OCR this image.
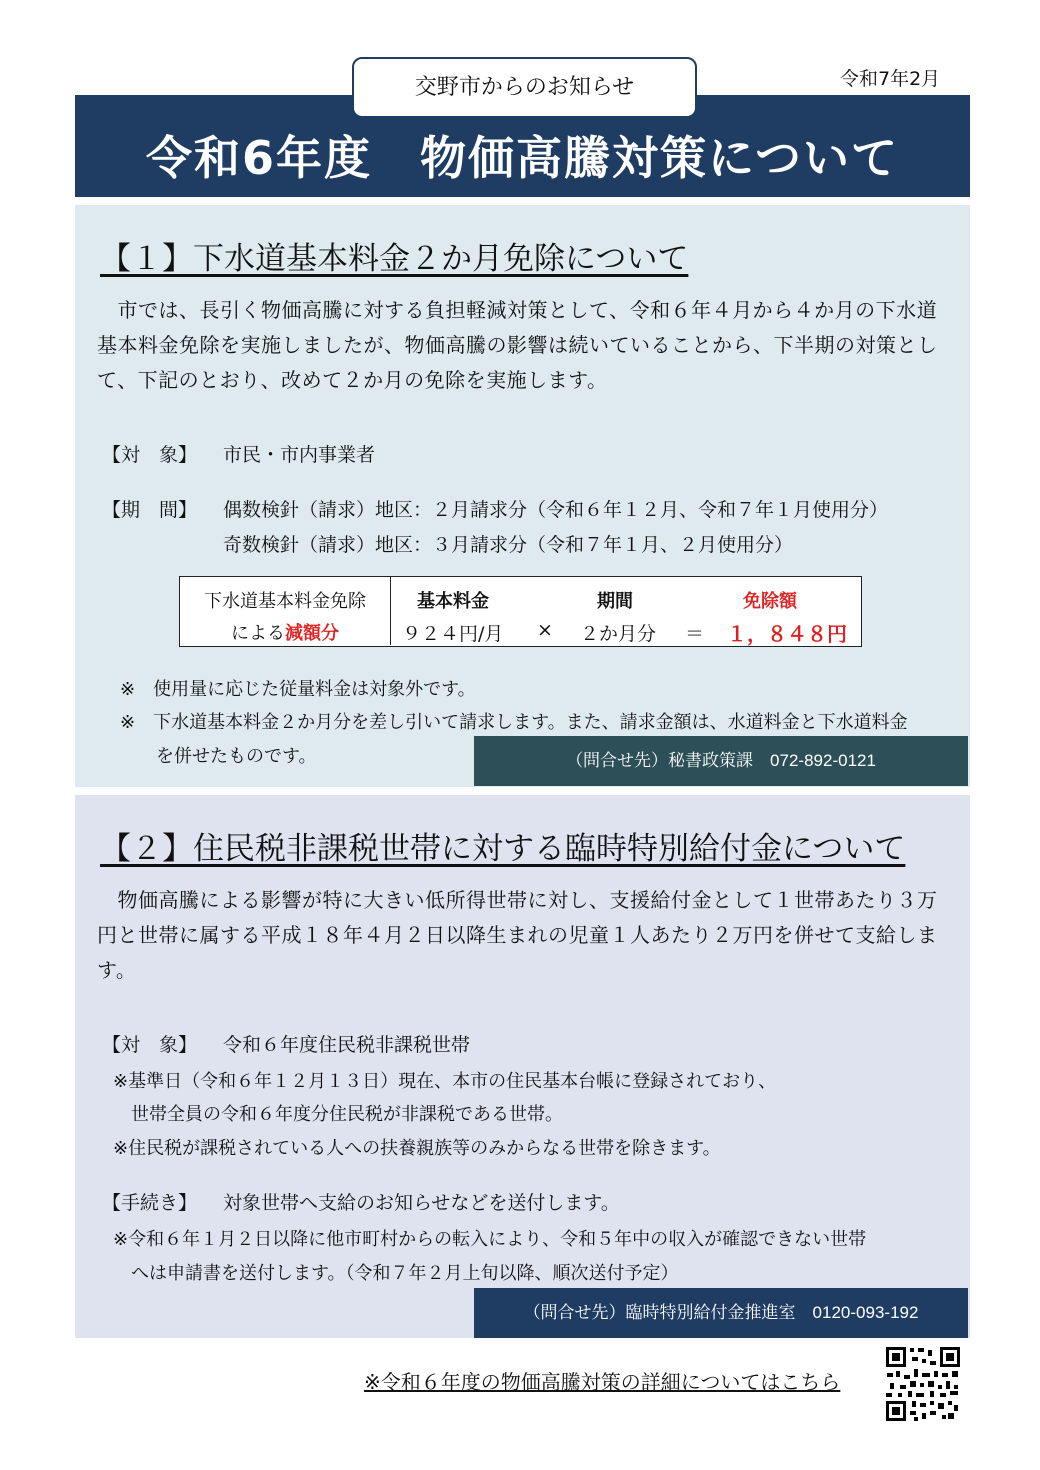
令和7年2月
令和6年度　物価高騰対策について
交野市からのお知らせ
【１】下水道基本料金２か月免除について
　市では、長引く物価高騰に対する負担軽減対策として、令和６年４月から４か月の下水道
基本料金免除を実施しましたが、物価高騰の影響は続いていることから、下半期の対策とし
て、下記のとおり、改めて２か月の免除を実施します。
【対　象】 市民・市内事業者
【期　間】 偶数検針（請求）地区：２月請求分（令和６年１２月、令和７年１月使用分）
奇数検針（請求）地区：３月請求分（令和７年１月、２月使用分）
※　使用量に応じた従量料金は対象外です。
※　下水道基本料金２か月分を差し引いて請求します。また、請求金額は、水道料金と下水道料金
　　を併せたものです。
下水道基本料金免除
による減額分
基本料金	期間	免除額
９２４円/月 × ２か月分 ＝ １，８４８円
（問合せ先）秘書政策課　072-892-0121
【２】住民税非課税世帯に対する臨時特別給付金について
　物価高騰による影響が特に大きい低所得世帯に対し、支援給付金として１世帯あたり３万
円と世帯に属する平成１８年４月２日以降生まれの児童１人あたり２万円を併せて支給しま
す。
【対　象】 令和６年度住民税非課税世帯
※基準日（令和６年１２月１３日）現在、本市の住民基本台帳に登録されており、
　世帯全員の令和６年度分住民税が非課税である世帯。
※住民税が課税されている人への扶養親族等のみからなる世帯を除きます。
【手続き】 対象世帯へ支給のお知らせなどを送付します。
※令和６年１月２日以降に他市町村からの転入により、令和５年中の収入が確認できない世帯
　へは申請書を送付します。（令和７年２月上旬以降、順次送付予定）
（問合せ先）臨時特別給付金推進室　0120-093-192
※令和６年度の物価高騰対策の詳細についてはこちら
